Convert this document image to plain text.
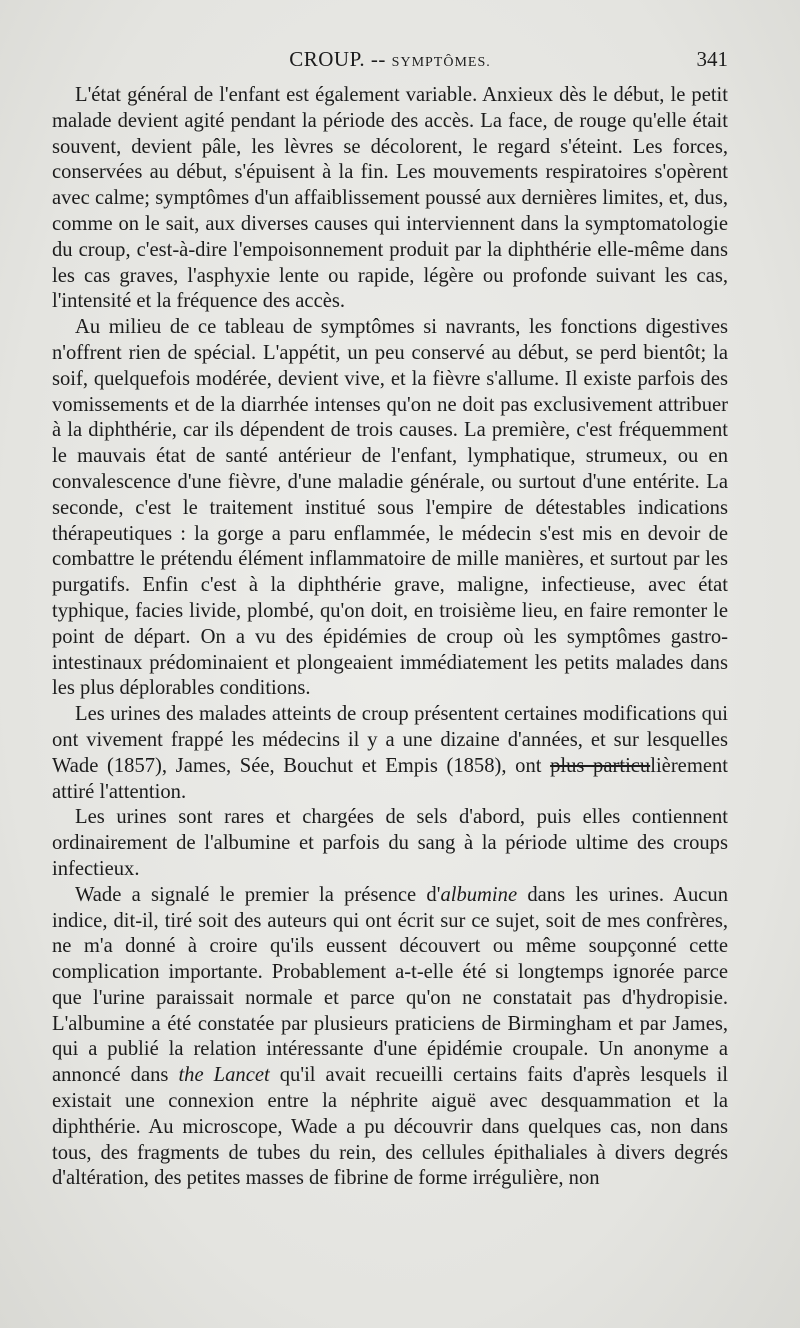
CROUP. -- SYMPTÔMES.	341

L'état général de l'enfant est également variable. Anxieux dès le début, le petit malade devient agité pendant la période des accès. La face, de rouge qu'elle était souvent, devient pâle, les lèvres se décolorent, le regard s'éteint. Les forces, conservées au début, s'épuisent à la fin. Les mouvements respiratoires s'opèrent avec calme; symptômes d'un affaiblissement poussé aux dernières limites, et, dus, comme on le sait, aux diverses causes qui interviennent dans la symptomatologie du croup, c'est-à-dire l'empoisonnement produit par la diphthérie elle-même dans les cas graves, l'asphyxie lente ou rapide, légère ou profonde suivant les cas, l'intensité et la fréquence des accès.

Au milieu de ce tableau de symptômes si navrants, les fonctions digestives n'offrent rien de spécial. L'appétit, un peu conservé au début, se perd bientôt; la soif, quelquefois modérée, devient vive, et la fièvre s'allume. Il existe parfois des vomissements et de la diarrhée intenses qu'on ne doit pas exclusivement attribuer à la diphthérie, car ils dépendent de trois causes. La première, c'est fréquemment le mauvais état de santé antérieur de l'enfant, lymphatique, strumeux, ou en convalescence d'une fièvre, d'une maladie générale, ou surtout d'une entérite. La seconde, c'est le traitement institué sous l'empire de détestables indications thérapeutiques : la gorge a paru enflammée, le médecin s'est mis en devoir de combattre le prétendu élément inflammatoire de mille manières, et surtout par les purgatifs. Enfin c'est à la diphthérie grave, maligne, infectieuse, avec état typhique, facies livide, plombé, qu'on doit, en troisième lieu, en faire remonter le point de départ. On a vu des épidémies de croup où les symptômes gastro-intestinaux prédominaient et plongeaient immédiatement les petits malades dans les plus déplorables conditions.

Les urines des malades atteints de croup présentent certaines modifications qui ont vivement frappé les médecins il y a une dizaine d'années, et sur lesquelles Wade (1857), James, Sée, Bouchut et Empis (1858), ont plus particulièrement attiré l'attention.

Les urines sont rares et chargées de sels d'abord, puis elles contiennent ordinairement de l'albumine et parfois du sang à la période ultime des croups infectieux.

Wade a signalé le premier la présence d'albumine dans les urines. Aucun indice, dit-il, tiré soit des auteurs qui ont écrit sur ce sujet, soit de mes confrères, ne m'a donné à croire qu'ils eussent découvert ou même soupçonné cette complication importante. Probablement a-t-elle été si longtemps ignorée parce que l'urine paraissait normale et parce qu'on ne constatait pas d'hydropisie. L'albumine a été constatée par plusieurs praticiens de Birmingham et par James, qui a publié la relation intéressante d'une épidémie croupale. Un anonyme a annoncé dans the Lancet qu'il avait recueilli certains faits d'après lesquels il existait une connexion entre la néphrite aiguë avec desquammation et la diphthérie. Au microscope, Wade a pu découvrir dans quelques cas, non dans tous, des fragments de tubes du rein, des cellules épithaliales à divers degrés d'altération, des petites masses de fibrine de forme irrégulière, non
